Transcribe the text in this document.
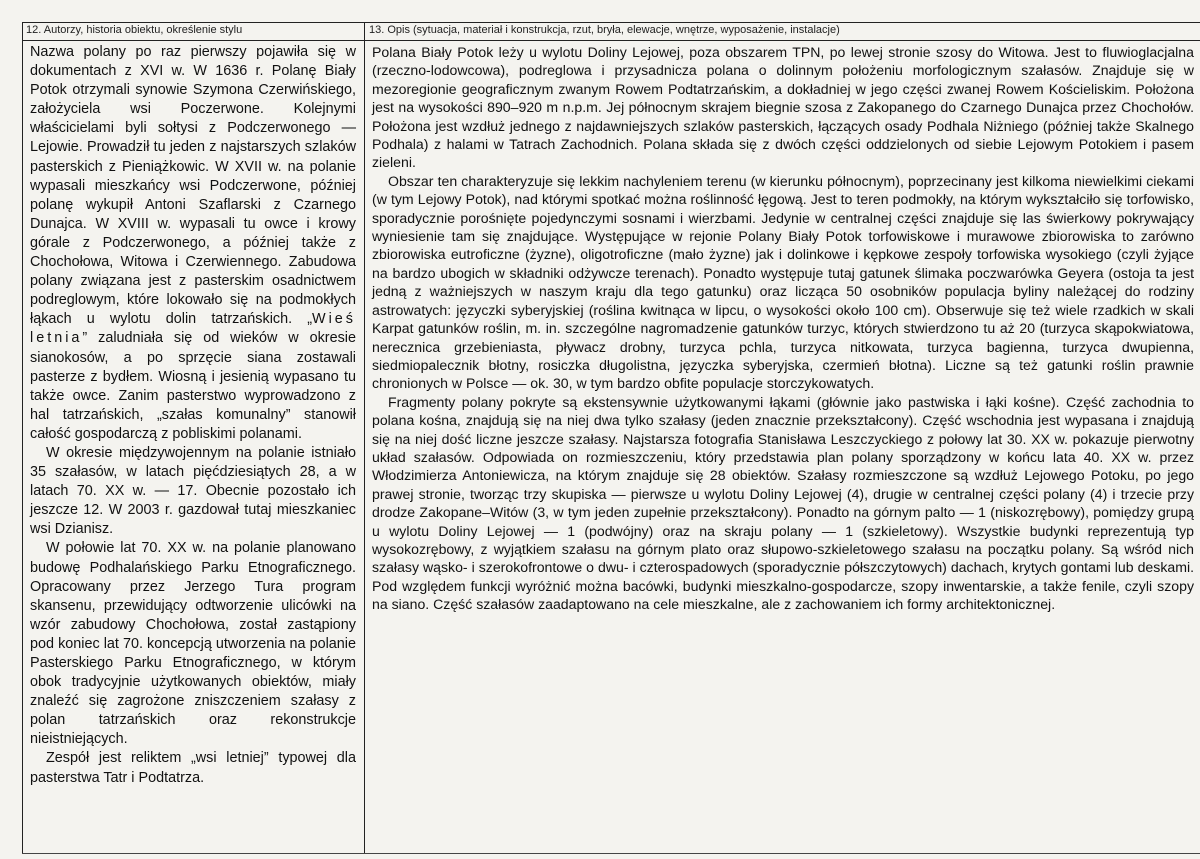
12. Autorzy, historia obiektu, określenie stylu

Nazwa polany po raz pierwszy pojawiła się w dokumentach z XVI w. W 1636 r. Polanę Biały Potok otrzymali synowie Szymona Czerwińskiego, założyciela wsi Poczerwone. Kolejnymi właścicielami byli sołtysi z Podczerwonego — Lejowie. Prowadził tu jeden z najstarszych szlaków pasterskich z Pieniążkowic. W XVII w. na polanie wypasali mieszkańcy wsi Podczerwone, później polanę wykupił Antoni Szaflarski z Czarnego Dunajca. W XVIII w. wypasali tu owce i krowy górale z Podczerwonego, a później także z Chochołowa, Witowa i Czerwiennego. Zabudowa polany związana jest z pasterskim osadnictwem podreglowym, które lokowało się na podmokłych łąkach u wylotu dolin tatrzańskich. „Wieś letnia” zaludniała się od wieków w okresie sianokosów, a po sprzęcie siana zostawali pasterze z bydłem. Wiosną i jesienią wypasano tu także owce. Zanim pasterstwo wyprowadzono z hal tatrzańskich, „szałas komunalny” stanowił całość gospodarczą z pobliskimi polanami.

W okresie międzywojennym na polanie istniało 35 szałasów, w latach pięćdziesiątych 28, a w latach 70. XX w. — 17. Obecnie pozostało ich jeszcze 12. W 2003 r. gazdował tutaj mieszkaniec wsi Dzianisz.

W połowie lat 70. XX w. na polanie planowano budowę Podhalańskiego Parku Etnograficznego. Opracowany przez Jerzego Tura program skansenu, przewidujący odtworzenie ulicówki na wzór zabudowy Chochołowa, został zastąpiony pod koniec lat 70. koncepcją utworzenia na polanie Pasterskiego Parku Etnograficznego, w którym obok tradycyjnie użytkowanych obiektów, miały znaleźć się zagrożone zniszczeniem szałasy z polan tatrzańskich oraz rekonstrukcje nieistniejących.

Zespół jest reliktem „wsi letniej” typowej dla pasterstwa Tatr i Podtatrza.

13. Opis (sytuacja, materiał i konstrukcja, rzut, bryła, elewacje, wnętrze, wyposażenie, instalacje)

Polana Biały Potok leży u wylotu Doliny Lejowej, poza obszarem TPN, po lewej stronie szosy do Witowa. Jest to fluwioglacjalna (rzeczno-lodowcowa), podreglowa i przysadnicza polana o dolinnym położeniu morfologicznym szałasów. Znajduje się w mezoregionie geograficznym zwanym Rowem Podtatrzańskim, a dokładniej w jego części zwanej Rowem Kościeliskim. Położona jest na wysokości 890–920 m n.p.m. Jej północnym skrajem biegnie szosa z Zakopanego do Czarnego Dunajca przez Chochołów. Położona jest wzdłuż jednego z najdawniejszych szlaków pasterskich, łączących osady Podhala Niżniego (później także Skalnego Podhala) z halami w Tatrach Zachodnich. Polana składa się z dwóch części oddzielonych od siebie Lejowym Potokiem i pasem zieleni.

Obszar ten charakteryzuje się lekkim nachyleniem terenu (w kierunku północnym), poprzecinany jest kilkoma niewielkimi ciekami (w tym Lejowy Potok), nad którymi spotkać można roślinność łęgową. Jest to teren podmokły, na którym wykształciło się torfowisko, sporadycznie porośnięte pojedynczymi sosnami i wierzbami. Jedynie w centralnej części znajduje się las świerkowy pokrywający wyniesienie tam się znajdujące. Występujące w rejonie Polany Biały Potok torfowiskowe i murawowe zbiorowiska to zarówno zbiorowiska eutroficzne (żyzne), oligotroficzne (mało żyzne) jak i dolinkowe i kępkowe zespoły torfowiska wysokiego (czyli żyjące na bardzo ubogich w składniki odżywcze terenach). Ponadto występuje tutaj gatunek ślimaka poczwarówka Geyera (ostoja ta jest jedną z ważniejszych w naszym kraju dla tego gatunku) oraz licząca 50 osobników populacja byliny należącej do rodziny astrowatych: języczki syberyjskiej (roślina kwitnąca w lipcu, o wysokości około 100 cm). Obserwuje się też wiele rzadkich w skali Karpat gatunków roślin, m. in. szczególne nagromadzenie gatunków turzyc, których stwierdzono tu aż 20 (turzyca skąpokwiatowa, nerecznica grzebieniasta, pływacz drobny, turzyca pchla, turzyca nitkowata, turzyca bagienna, turzyca dwupienna, siedmiopalecznik błotny, rosiczka długolistna, języczka syberyjska, czermień błotna). Liczne są też gatunki roślin prawnie chronionych w Polsce — ok. 30, w tym bardzo obfite populacje storczykowatych.

Fragmenty polany pokryte są ekstensywnie użytkowanymi łąkami (głównie jako pastwiska i łąki kośne). Część zachodnia to polana kośna, znajdują się na niej dwa tylko szałasy (jeden znacznie przekształcony). Część wschodnia jest wypasana i znajdują się na niej dość liczne jeszcze szałasy. Najstarsza fotografia Stanisława Leszczyckiego z połowy lat 30. XX w. pokazuje pierwotny układ szałasów. Odpowiada on rozmieszczeniu, który przedstawia plan polany sporządzony w końcu lata 40. XX w. przez Włodzimierza Antoniewicza, na którym znajduje się 28 obiektów. Szałasy rozmieszczone są wzdłuż Lejowego Potoku, po jego prawej stronie, tworząc trzy skupiska — pierwsze u wylotu Doliny Lejowej (4), drugie w centralnej części polany (4) i trzecie przy drodze Zakopane–Witów (3, w tym jeden zupełnie przekształcony). Ponadto na górnym palto — 1 (niskozrębowy), pomiędzy grupą u wylotu Doliny Lejowej — 1 (podwójny) oraz na skraju polany — 1 (szkieletowy). Wszystkie budynki reprezentują typ wysokozrębowy, z wyjątkiem szałasu na górnym plato oraz słupowo-szkieletowego szałasu na początku polany. Są wśród nich szałasy wąsko- i szerokofrontowe o dwu- i czterospadowych (sporadycznie półszczytowych) dachach, krytych gontami lub deskami. Pod względem funkcji wyróżnić można bacówki, budynki mieszkalno-gospodarcze, szopy inwentarskie, a także fenile, czyli szopy na siano. Część szałasów zaadaptowano na cele mieszkalne, ale z zachowaniem ich formy architektonicznej.
